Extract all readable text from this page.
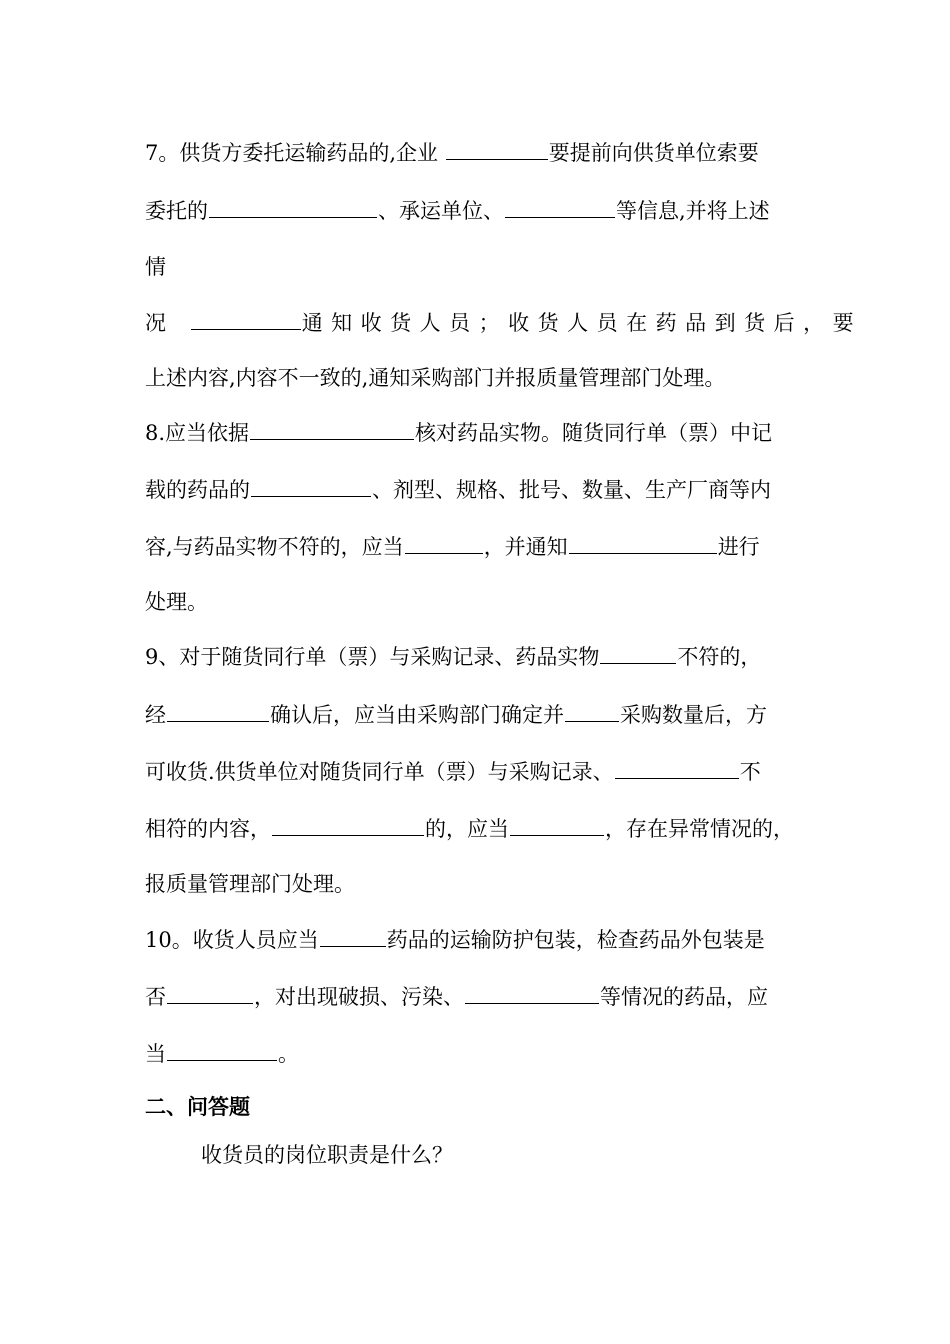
7。供货方委托运输药品的,企业	要提前向供货单位索要
委托的	、承运单位、	等信息,并将上述
情
况	通知收货人员；收货人员在药品到货后，要
上述内容,内容不一致的,通知采购部门并报质量管理部门处理。
8.应当依据	核对药品实物。随货同行单（票）中记
载的药品的	、剂型、规格、批号、数量、生产厂商等内
容,与药品实物不符的，应当	，并通知	进行
处理。
9、对于随货同行单（票）与采购记录、药品实物	不符的，
经	确认后，应当由采购部门确定并	采购数量后，方
可收货.供货单位对随货同行单（票）与采购记录、	不
相符的内容，	的，应当	，存在异常情况的，
报质量管理部门处理。
10。收货人员应当	药品的运输防护包装，检查药品外包装是
否	，对出现破损、污染、	等情况的药品，应
当	。
二、问答题
收货员的岗位职责是什么？
